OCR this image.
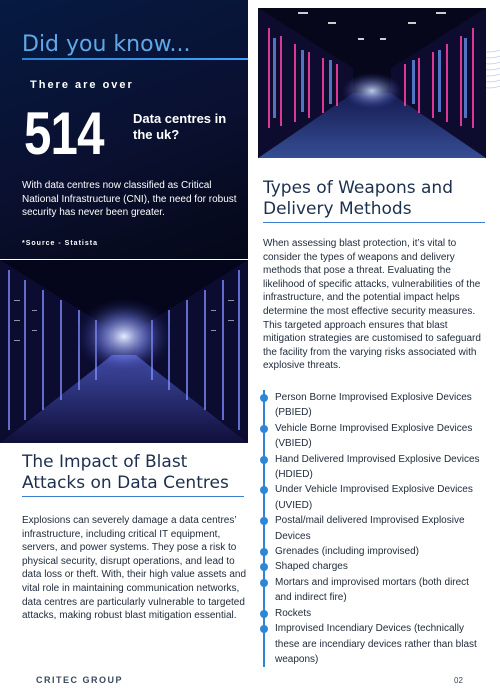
Did you know...
There are over
514 Data centres in the uk?
With data centres now classified as Critical National Infrastructure (CNI), the need for robust security has never been greater.
*Source - Statista
Types of Weapons and Delivery Methods
When assessing blast protection, it’s vital to consider the types of weapons and delivery methods that pose a threat. Evaluating the likelihood of specific attacks, vulnerabilities of the infrastructure, and the potential impact helps determine the most effective security measures. This targeted approach ensures that blast mitigation strategies are customised to safeguard the facility from the varying risks associated with explosive threats.
Person Borne Improvised Explosive Devices (PBIED)
Vehicle Borne Improvised Explosive Devices (VBIED)
Hand Delivered Improvised Explosive Devices (HDIED)
Under Vehicle Improvised Explosive Devices (UVIED)
Postal/mail delivered Improvised Explosive Devices
Grenades (including improvised)
Shaped charges
Mortars and improvised mortars (both direct and indirect fire)
Rockets
Improvised Incendiary Devices (technically these are incendiary devices rather than blast weapons)
The Impact of Blast Attacks on Data Centres
Explosions can severely damage a data centres’ infrastructure, including critical IT equipment, servers, and power systems. They pose a risk to physical security, disrupt operations, and lead to data loss or theft. With, their high value assets and vital role in maintaining communication networks, data centres are particularly vulnerable to targeted attacks, making robust blast mitigation essential.
CRITEC GROUP	02
